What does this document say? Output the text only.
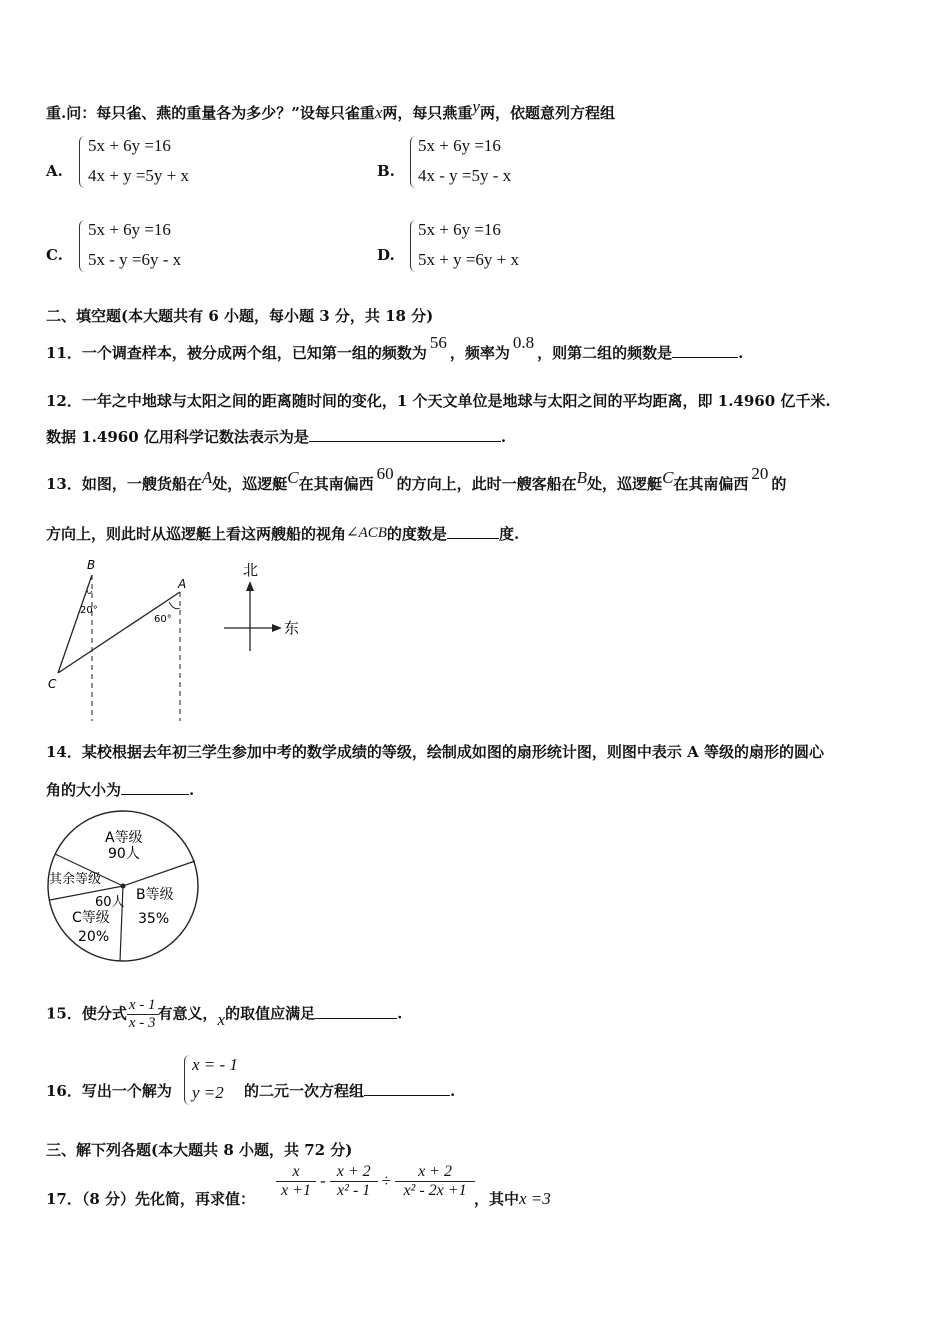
重.问：每只雀、燕的重量各为多少？”设每只雀重x两，每只燕重y两，依题意列方程组
A.
5x + 6y =16
4x + y =5y + x	B.
5x + 6y =16
4x - y =5y - x
C.
5x + 6y =16
5x - y =6y - x	D.
5x + 6y =16
5x + y =6y + x
二、填空题(本大题共有 6 小题，每小题 3 分，共 18 分)
11．一个调查样本，被分成两个组，已知第一组的频数为56，频率为0.8，则第二组的频数是	.
12．一年之中地球与太阳之间的距离随时间的变化，1 个天文单位是地球与太阳之间的平均距离，即 1.4960 亿千米.
数据 1.4960 亿用科学记数法表示为是	.
13．如图，一艘货船在A处，巡逻艇C在其南偏西60的方向上，此时一艘客船在B处，巡逻艇C在其南偏西20的
方向上，则此时从巡逻艇上看这两艘船的视角∠ACB的度数是	度.
B
A
C
20°
60°
北
东
14．某校根据去年初三学生参加中考的数学成绩的等级，绘制成如图的扇形统计图，则图中表示 A 等级的扇形的圆心
角的大小为	.
A等级
90人
其余等级
60人 B等级
35%
C等级
20%
15．使分式 $\frac{x - 1}{x - 3}$ 有意义，x的取值应满足	.
16．写出一个解为
x = - 1
y =2 的二元一次方程组	.
三、解下列各题(本大题共 8 小题，共 72 分)
17．（8 分）先化简，再求值： $\frac{x}{x +1} - \frac{x + 2}{\text{x² - 1}} \div \frac{x + 2}{\text{x² - 2x +1}}$
，其中x =3
